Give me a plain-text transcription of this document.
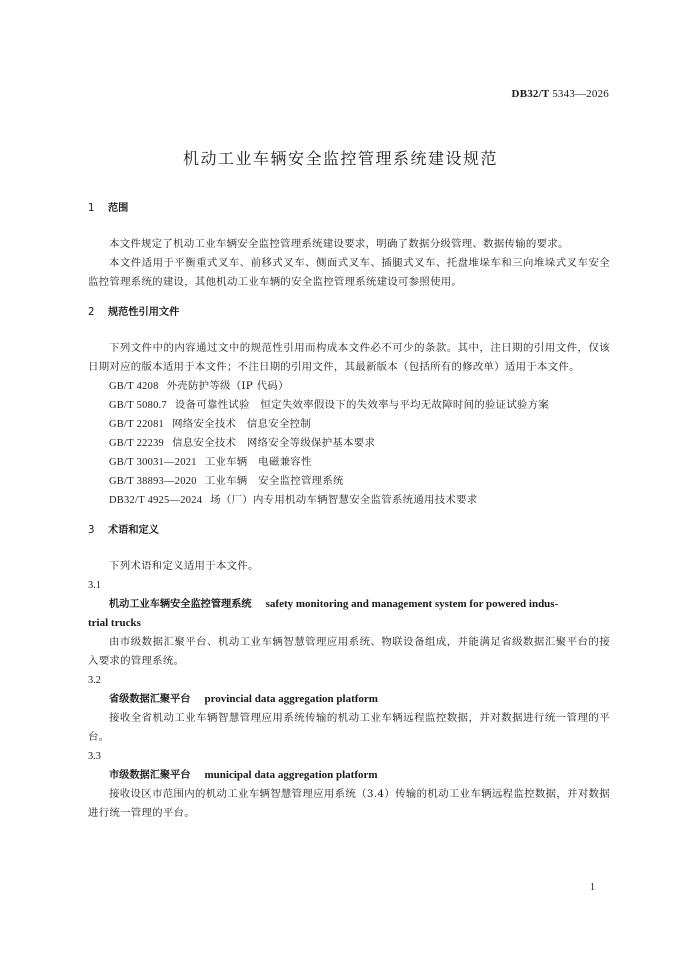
DB32/T 5343—2026
机动工业车辆安全监控管理系统建设规范

1 范围

本文件规定了机动工业车辆安全监控管理系统建设要求，明确了数据分级管理、数据传输的要求。

本文件适用于平衡重式叉车、前移式叉车、侧面式叉车、插腿式叉车、托盘堆垛车和三向堆垛式叉车安全监控管理系统的建设，其他机动工业车辆的安全监控管理系统建设可参照使用。

2 规范性引用文件

下列文件中的内容通过文中的规范性引用而构成本文件必不可少的条款。其中，注日期的引用文件，仅该日期对应的版本适用于本文件；不注日期的引用文件，其最新版本（包括所有的修改单）适用于本文件。

GB/T 4208 外壳防护等级（IP 代码）

GB/T 5080.7 设备可靠性试验　恒定失效率假设下的失效率与平均无故障时间的验证试验方案

GB/T 22081 网络安全技术　信息安全控制

GB/T 22239 信息安全技术　网络安全等级保护基本要求

GB/T 30031—2021 工业车辆　电磁兼容性

GB/T 38893—2020 工业车辆　安全监控管理系统

DB32/T 4925—2024 场（厂）内专用机动车辆智慧安全监管系统通用技术要求

3 术语和定义

下列术语和定义适用于本文件。

3.1

机动工业车辆安全监控管理系统 safety monitoring and management system for powered indus-

trial trucks

由市级数据汇聚平台、机动工业车辆智慧管理应用系统、物联设备组成，并能满足省级数据汇聚平台的接入要求的管理系统。

3.2

省级数据汇聚平台 provincial data aggregation platform

接收全省机动工业车辆智慧管理应用系统传输的机动工业车辆远程监控数据，并对数据进行统一管理的平台。

3.3

市级数据汇聚平台 municipal data aggregation platform

接收设区市范围内的机动工业车辆智慧管理应用系统（3.4）传输的机动工业车辆远程监控数据，并对数据进行统一管理的平台。

1
